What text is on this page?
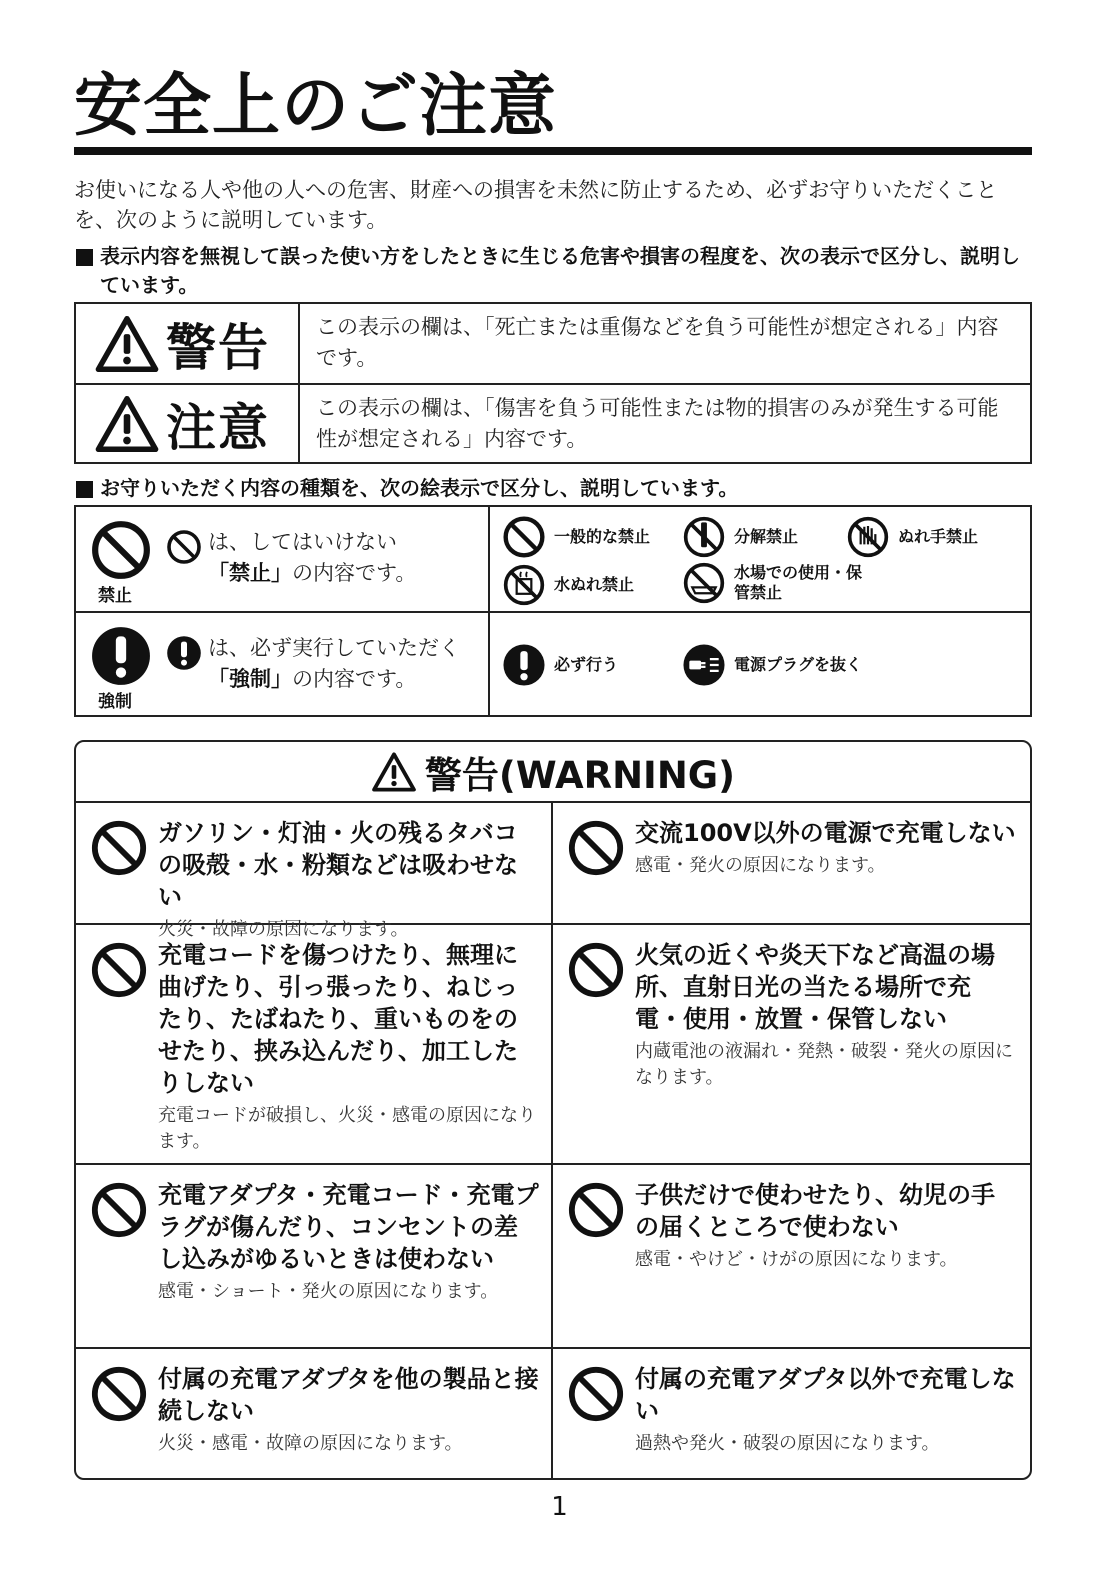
安全上のご注意
お使いになる人や他の人への危害、財産への損害を未然に防止するため、必ずお守りいただくことを、次のように説明しています。
表示内容を無視して誤った使い方をしたときに生じる危害や損害の程度を、次の表示で区分し、説明しています。
警告	この表示の欄は、「死亡または重傷などを負う可能性が想定される」内容です。
注意	この表示の欄は、「傷害を負う可能性または物的損害のみが発生する可能性が想定される」内容です。
お守りいただく内容の種類を、次の絵表示で区分し、説明しています。
禁止
は、してはいけない
「禁止」の内容です。
一般的な禁止	分解禁止	ぬれ手禁止
水ぬれ禁止
水場での使用・保管禁止
強制
は、必ず実行していただく
「強制」の内容です。
必ず行う	電源プラグを抜く
警告(WARNING)
ガソリン・灯油・火の残るタバコの吸殻・水・粉類などは吸わせない
火災・故障の原因になります。
交流100V以外の電源で充電しない
感電・発火の原因になります。
充電コードを傷つけたり、無理に曲げたり、引っ張ったり、ねじったり、たばねたり、重いものをのせたり、挟み込んだり、加工したりしない
充電コードが破損し、火災・感電の原因になります。
火気の近くや炎天下など高温の場所、直射日光の当たる場所で充電・使用・放置・保管しない
内蔵電池の液漏れ・発熱・破裂・発火の原因になります。
充電アダプタ・充電コード・充電プラグが傷んだり、コンセントの差し込みがゆるいときは使わない
感電・ショート・発火の原因になります。
子供だけで使わせたり、幼児の手の届くところで使わない
感電・やけど・けがの原因になります。
付属の充電アダプタを他の製品と接続しない
火災・感電・故障の原因になります。
付属の充電アダプタ以外で充電しない
過熱や発火・破裂の原因になります。
1
